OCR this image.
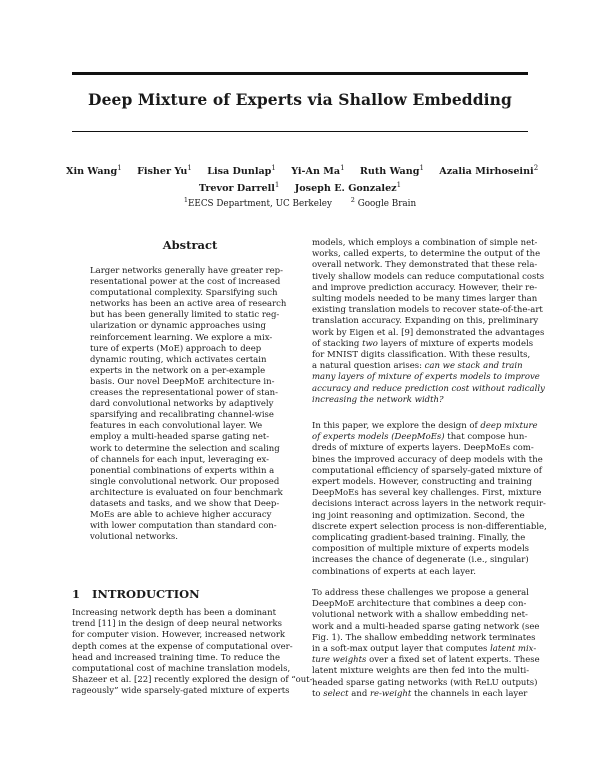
Deep Mixture of Experts via Shallow Embedding
Xin Wang$^1$ Fisher Yu$^1$ Lisa Dunlap$^1$ Yi-An Ma$^1$ Ruth Wang$^1$ Azalia Mirhoseini$^2$
Trevor Darrell$^1$ Joseph E. Gonzalez$^1$
$^1$EECS Department, UC Berkeley	$^2$ Google Brain
Abstract
Larger networks generally have greater rep-
resentational power at the cost of increased
computational complexity. Sparsifying such
networks has been an active area of research
but has been generally limited to static reg-
ularization or dynamic approaches using
reinforcement learning. We explore a mix-
ture of experts (MoE) approach to deep
dynamic routing, which activates certain
experts in the network on a per-example
basis. Our novel DeepMoE architecture in-
creases the representational power of stan-
dard convolutional networks by adaptively
sparsifying and recalibrating channel-wise
features in each convolutional layer. We
employ a multi-headed sparse gating net-
work to determine the selection and scaling
of channels for each input, leveraging ex-
ponential combinations of experts within a
single convolutional network. Our proposed
architecture is evaluated on four benchmark
datasets and tasks, and we show that Deep-
MoEs are able to achieve higher accuracy
with lower computation than standard con-
volutional networks.
1 INTRODUCTION
Increasing network depth has been a dominant
trend [11] in the design of deep neural networks
for computer vision. However, increased network
depth comes at the expense of computational over-
head and increased training time. To reduce the
computational cost of machine translation models,
Shazeer et al. [22] recently explored the design of “out-
rageously” wide sparsely-gated mixture of experts
models, which employs a combination of simple net-
works, called experts, to determine the output of the
overall network. They demonstrated that these rela-
tively shallow models can reduce computational costs
and improve prediction accuracy. However, their re-
sulting models needed to be many times larger than
existing translation models to recover state-of-the-art
translation accuracy. Expanding on this, preliminary
work by Eigen et al. [9] demonstrated the advantages
of stacking two layers of mixture of experts models
for MNIST digits classification. With these results,
a natural question arises: can we stack and train
many layers of mixture of experts models to improve
accuracy and reduce prediction cost without radically
increasing the network width?
In this paper, we explore the design of deep mixture
of experts models (DeepMoEs) that compose hun-
dreds of mixture of experts layers. DeepMoEs com-
bines the improved accuracy of deep models with the
computational efficiency of sparsely-gated mixture of
expert models. However, constructing and training
DeepMoEs has several key challenges. First, mixture
decisions interact across layers in the network requir-
ing joint reasoning and optimization. Second, the
discrete expert selection process is non-differentiable,
complicating gradient-based training. Finally, the
composition of multiple mixture of experts models
increases the chance of degenerate (i.e., singular)
combinations of experts at each layer.
To address these challenges we propose a general
DeepMoE architecture that combines a deep con-
volutional network with a shallow embedding net-
work and a multi-headed sparse gating network (see
Fig. 1). The shallow embedding network terminates
in a soft-max output layer that computes latent mix-
ture weights over a fixed set of latent experts. These
latent mixture weights are then fed into the multi-
headed sparse gating networks (with ReLU outputs)
to select and re-weight the channels in each layer
